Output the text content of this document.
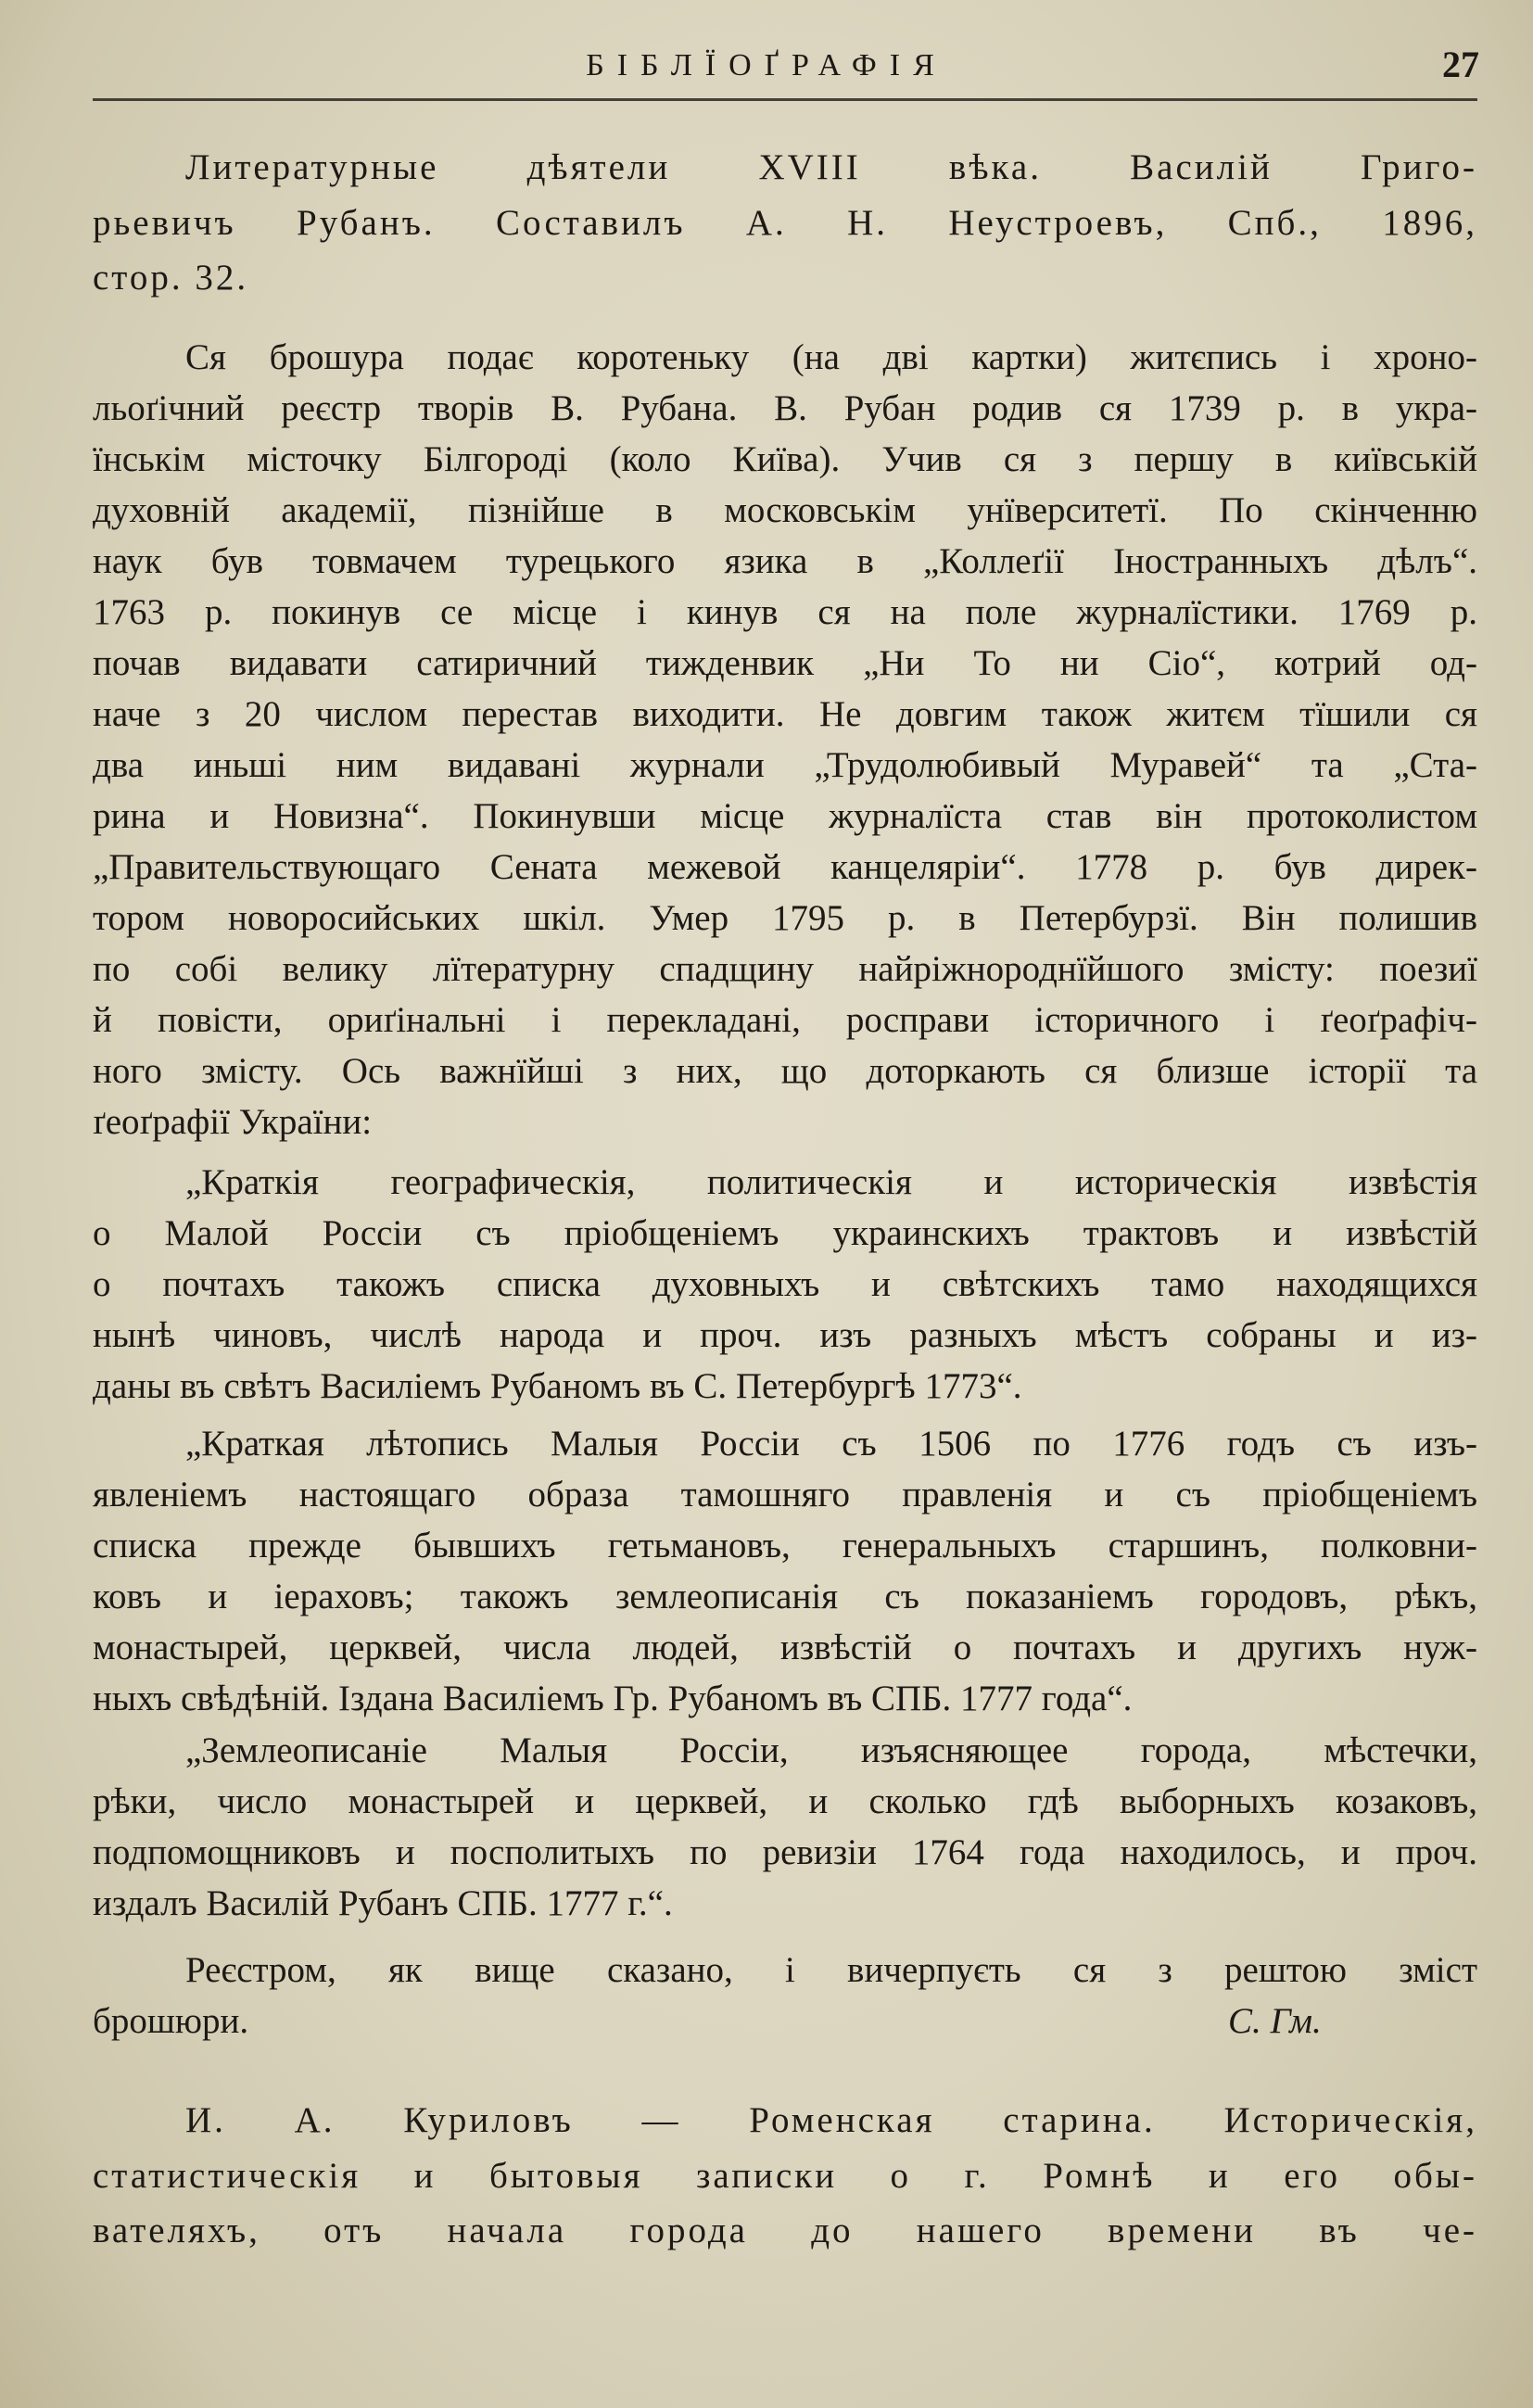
БІБЛЇОҐРАФІЯ	27
Литературные дѣятели XVIII вѣка. Василій Григо-
рьевичъ Рубанъ. Составилъ А. Н. Неустроевъ, Спб., 1896,
стор. 32.
Ся брошура подає коротеньку (на дві картки) житєпись і хроно-
льоґічний реєстр творів В. Рубана. В. Рубан родив ся 1739 р. в укра-
їнськім місточку Білгороді (коло Київа). Учив ся з першу в київській
духовній академії, пізнійше в московськім унїверситетї. По скінченню
наук був товмачем турецького язика в „Коллеґії Іностранныхъ дѣлъ“.
1763 р. покинув се місце і кинув ся на поле журналїстики. 1769 р.
почав видавати сатиричний тижденвик „Ни То ни Сіо“, котрий од-
наче з 20 числом перестав виходити. Не довгим також житєм тїшили ся
два иньші ним видавані журнали „Трудолюбивый Муравей“ та „Ста-
рина и Новизна“. Покинувши місце журналїста став він протоколистом
„Правительствующаго Сената межевой канцеляріи“. 1778 р. був дирек-
тором новоросийських шкіл. Умер 1795 р. в Петербурзї. Він полишив
по собі велику лїтературну спадщину найріжнороднїйшого змісту: поезиї
й повісти, ориґінальні і перекладані, росправи історичного і ґеоґрафіч-
ного змісту. Ось важнїйші з них, що доторкають ся близше історії та
ґеоґрафії України:
„Краткія географическія, политическія и историческія извѣстія
о Малой Россіи съ пріобщеніемъ украинскихъ трактовъ и извѣстій
о почтахъ такожъ списка духовныхъ и свѣтскихъ тамо находящихся
нынѣ чиновъ, числѣ народа и проч. изъ разныхъ мѣстъ собраны и из-
даны въ свѣтъ Василіемъ Рубаномъ въ С. Петербургѣ 1773“.
„Краткая лѣтопись Малыя Россіи съ 1506 по 1776 годъ съ изъ-
явленіемъ настоящаго образа тамошняго правленія и съ пріобщеніемъ
списка прежде бывшихъ гетьмановъ, генеральныхъ старшинъ, полковни-
ковъ и іераховъ; такожъ землеописанія съ показаніемъ городовъ, рѣкъ,
монастырей, церквей, числа людей, извѣстій о почтахъ и другихъ нуж-
ныхъ свѣдѣній. Іздана Василіемъ Гр. Рубаномъ въ СПБ. 1777 года“.
„Землеописаніе Малыя Россіи, изъясняющее города, мѣстечки,
рѣки, число монастырей и церквей, и сколько гдѣ выборныхъ козаковъ,
подпомощниковъ и посполитыхъ по ревизіи 1764 года находилось, и проч.
издалъ Василій Рубанъ СПБ. 1777 г.“.
Реєстром, як вище сказано, і вичерпуєть ся з рештою зміст
брошюри.	С. Гм.
И. А. Куриловъ — Роменская старина. Историческія,
статистическія и бытовыя записки о г. Ромнѣ и его обы-
вателяхъ, отъ начала города до нашего времени въ че-
